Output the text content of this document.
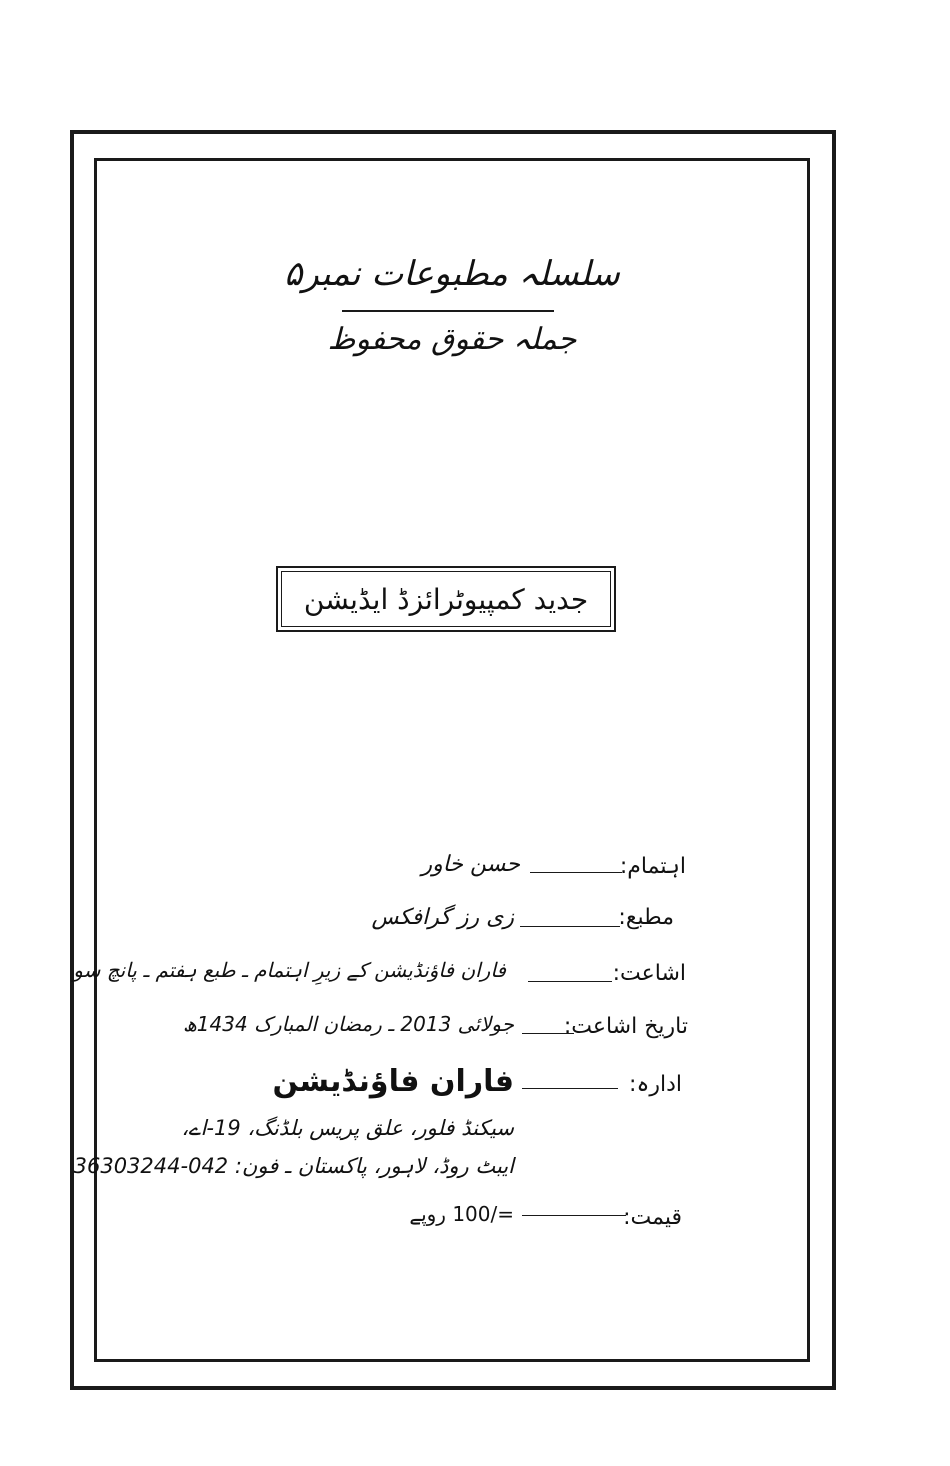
سلسلہ مطبوعات نمبر۵
جملہ حقوق محفوظ
جدید کمپیوٹرائزڈ ایڈیشن
اہتمام:
حسن خاور
مطبع:
زی رز گرافکس
اشاعت:
فاران فاؤنڈیشن کے زیرِ اہتمام ـ طبع ہفتم ـ پانچ سو
تاریخ اشاعت:
جولائی 2013 ـ رمضان المبارک 1434ھ
ادارہ:
فاران فاؤنڈیشن
سیکنڈ فلور، علق پریس بلڈنگ، 19-اے،
ایبٹ روڈ، لاہور، پاکستان ـ فون: 042-36303244
قیمت:
=/100 روپے
